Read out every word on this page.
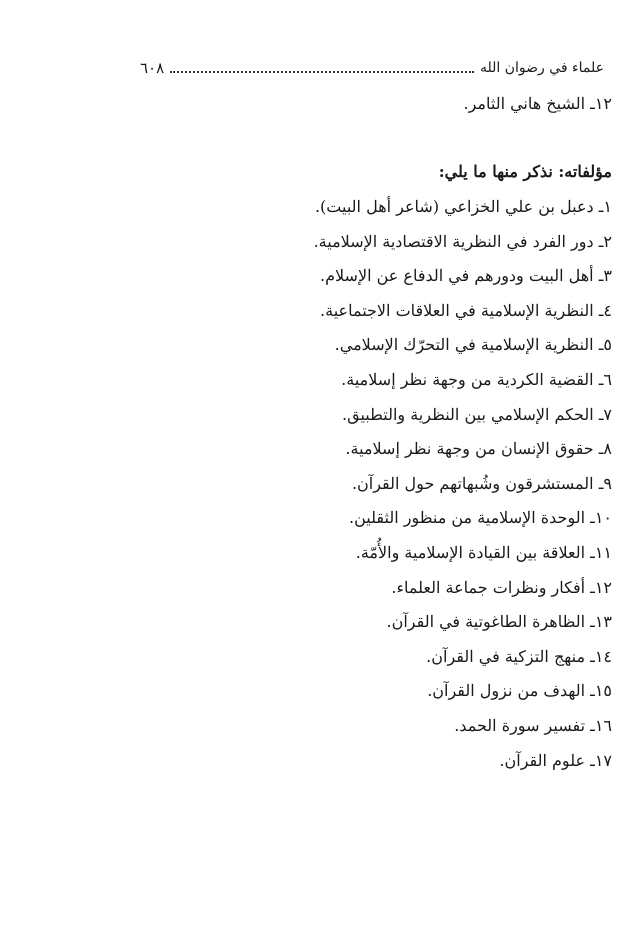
علماء في رضوان الله
٦٠٨
١٢ـ الشيخ هاني الثامر.
مؤلفاته: نذكر منها ما يلي:
١ـ دعبل بن علي الخزاعي (شاعر أهل البيت).
٢ـ دور الفرد في النظرية الاقتصادية الإسلامية.
٣ـ أهل البيت ودورهم في الدفاع عن الإسلام.
٤ـ النظرية الإسلامية في العلاقات الاجتماعية.
٥ـ النظرية الإسلامية في التحرّك الإسلامي.
٦ـ القضية الكردية من وجهة نظر إسلامية.
٧ـ الحكم الإسلامي بين النظرية والتطبيق.
٨ـ حقوق الإنسان من وجهة نظر إسلامية.
٩ـ المستشرقون وشُبهاتهم حول القرآن.
١٠ـ الوحدة الإسلامية من منظور الثقلين.
١١ـ العلاقة بين القيادة الإسلامية والأُمّة.
١٢ـ أفكار ونظرات جماعة العلماء.
١٣ـ الظاهرة الطاغوتية في القرآن.
١٤ـ منهج التزكية في القرآن.
١٥ـ الهدف من نزول القرآن.
١٦ـ تفسير سورة الحمد.
١٧ـ علوم القرآن.
